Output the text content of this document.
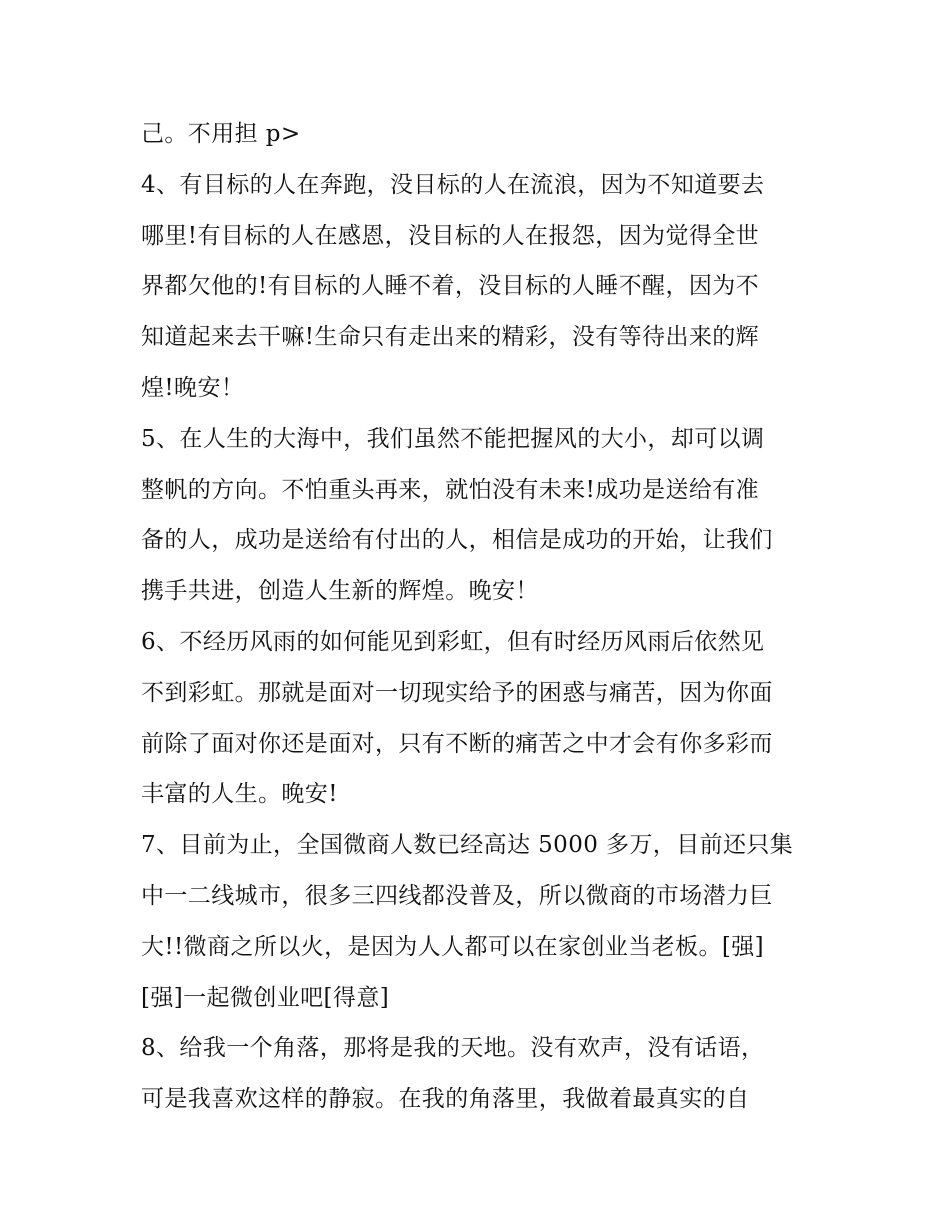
己。不用担 p>
4、有目标的人在奔跑，没目标的人在流浪，因为不知道要去
哪里!有目标的人在感恩，没目标的人在报怨，因为觉得全世
界都欠他的!有目标的人睡不着，没目标的人睡不醒，因为不
知道起来去干嘛!生命只有走出来的精彩，没有等待出来的辉
煌!晚安！
5、在人生的大海中，我们虽然不能把握风的大小，却可以调
整帆的方向。不怕重头再来，就怕没有未来!成功是送给有准
备的人，成功是送给有付出的人，相信是成功的开始，让我们
携手共进，创造人生新的辉煌。晚安！
6、不经历风雨的如何能见到彩虹，但有时经历风雨后依然见
不到彩虹。那就是面对一切现实给予的困惑与痛苦，因为你面
前除了面对你还是面对，只有不断的痛苦之中才会有你多彩而
丰富的人生。晚安!
7、目前为止，全国微商人数已经高达 5000 多万，目前还只集
中一二线城市，很多三四线都没普及，所以微商的市场潜力巨
大!!微商之所以火，是因为人人都可以在家创业当老板。[强]
[强]一起微创业吧[得意]
8、给我一个角落，那将是我的天地。没有欢声，没有话语，
可是我喜欢这样的静寂。在我的角落里，我做着最真实的自
